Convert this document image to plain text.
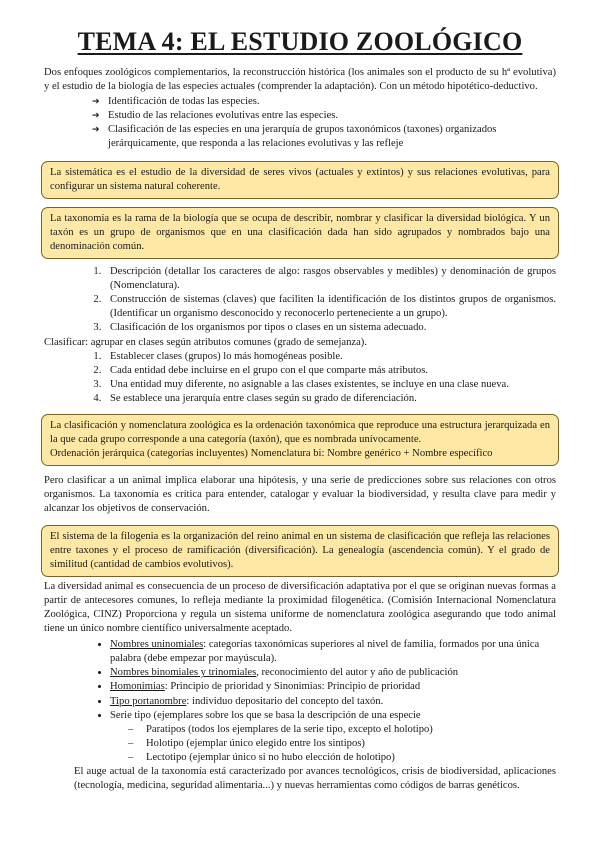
TEMA 4: EL ESTUDIO ZOOLÓGICO

Dos enfoques zoológicos complementarios, la reconstrucción histórica (los animales son el producto de su hª evolutiva) y el estudio de la biología de las especies actuales (comprender la adaptación). Con un método hipotético-deductivo.

➔ Identificación de todas las especies.
➔ Estudio de las relaciones evolutivas entre las especies.
➔ Clasificación de las especies en una jerarquía de grupos taxonómicos (taxones) organizados jerárquicamente, que responda a las relaciones evolutivas y las refleje

La sistemática es el estudio de la diversidad de seres vivos (actuales y extintos) y sus relaciones evolutivas, para configurar un sistema natural coherente.

La taxonomía es la rama de la biología que se ocupa de describir, nombrar y clasificar la diversidad biológica. Y un taxón es un grupo de organismos que en una clasificación dada han sido agrupados y nombrados bajo una denominación común.

1. Descripción (detallar los caracteres de algo: rasgos observables y medibles) y denominación de grupos (Nomenclatura).
2. Construcción de sistemas (claves) que faciliten la identificación de los distintos grupos de organismos. (Identificar un organismo desconocido y reconocerlo perteneciente a un grupo).
3. Clasificación de los organismos por tipos o clases en un sistema adecuado.

Clasificar: agrupar en clases según atributos comunes (grado de semejanza).

1. Establecer clases (grupos) lo más homogéneas posible.
2. Cada entidad debe incluirse en el grupo con el que comparte más atributos.
3. Una entidad muy diferente, no asignable a las clases existentes, se incluye en una clase nueva.
4. Se establece una jerarquía entre clases según su grado de diferenciación.

La clasificación y nomenclatura zoológica es la ordenación taxonómica que reproduce una estructura jerarquizada en la que cada grupo corresponde a una categoría (taxón), que es nombrada unívocamente.

Ordenación jerárquica (categorías incluyentes) Nomenclatura bi: Nombre genérico + Nombre específico

Pero clasificar a un animal implica elaborar una hipótesis, y una serie de predicciones sobre sus relaciones con otros organismos. La taxonomía es crítica para entender, catalogar y evaluar la biodiversidad, y resulta clave para medir y alcanzar los objetivos de conservación.

El sistema de la filogenia es la organización del reino animal en un sistema de clasificación que refleja las relaciones entre taxones y el proceso de ramificación (diversificación). La genealogía (ascendencia común). Y el grado de similitud (cantidad de cambios evolutivos).

La diversidad animal es consecuencia de un proceso de diversificación adaptativa por el que se originan nuevas formas a partir de antecesores comunes, lo refleja mediante la proximidad filogenética. (Comisión Internacional Nomenclatura Zoológica, CINZ) Proporciona y regula un sistema uniforme de nomenclatura zoológica asegurando que todo animal tiene un único nombre científico universalmente aceptado.

• Nombres uninomiales: categorías taxonómicas superiores al nivel de familia, formados por una única palabra (debe empezar por mayúscula).
• Nombres binomiales y trinomiales, reconocimiento del autor y año de publicación
• Homonimias: Principio de prioridad y Sinonimias: Principio de prioridad
• Tipo portanombre: individuo depositario del concepto del taxón.
• Serie tipo (ejemplares sobre los que se basa la descripción de una especie
– Paratipos (todos los ejemplares de la serie tipo, excepto el holotipo)
– Holotipo (ejemplar único elegido entre los sintipos)
– Lectotipo (ejemplar único si no hubo elección de holotipo)

El auge actual de la taxonomía está caracterizado por avances tecnológicos, crisis de biodiversidad, aplicaciones (tecnología, medicina, seguridad alimentaria...) y nuevas herramientas como códigos de barras genéticos.
